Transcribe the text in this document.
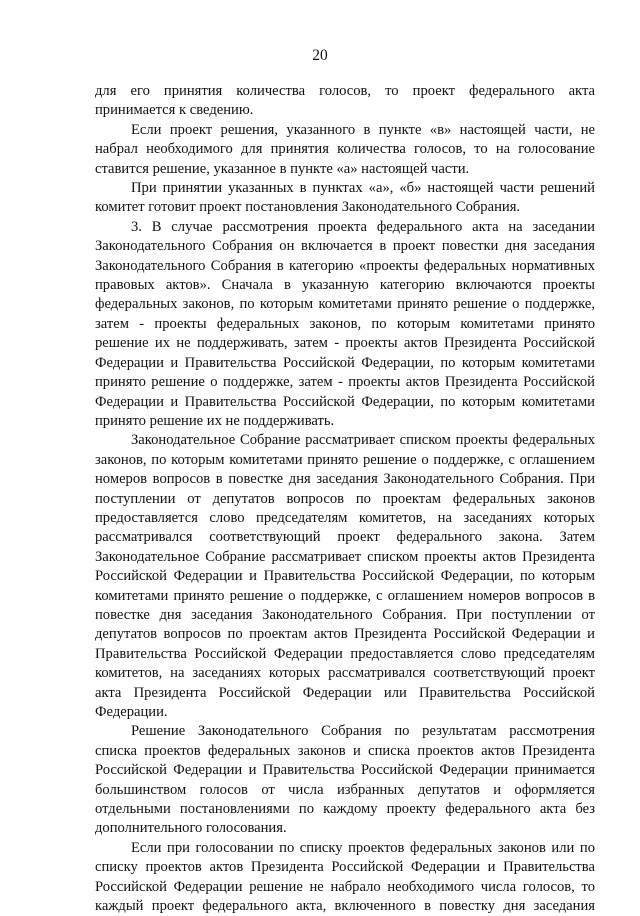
20

для его принятия количества голосов, то проект федерального акта принимается к сведению.

Если проект решения, указанного в пункте «в» настоящей части, не набрал необходимого для принятия количества голосов, то на голосование ставится решение, указанное в пункте «а» настоящей части.

При принятии указанных в пунктах «а», «б» настоящей части решений комитет готовит проект постановления Законодательного Собрания.

3. В случае рассмотрения проекта федерального акта на заседании Законодательного Собрания он включается в проект повестки дня заседания Законодательного Собрания в категорию «проекты федеральных нормативных правовых актов». Сначала в указанную категорию включаются проекты федеральных законов, по которым комитетами принято решение о поддержке, затем - проекты федеральных законов, по которым комитетами принято решение их не поддерживать, затем - проекты актов Президента Российской Федерации и Правительства Российской Федерации, по которым комитетами принято решение о поддержке, затем - проекты актов Президента Российской Федерации и Правительства Российской Федерации, по которым комитетами принято решение их не поддерживать.

Законодательное Собрание рассматривает списком проекты федеральных законов, по которым комитетами принято решение о поддержке, с оглашением номеров вопросов в повестке дня заседания Законодательного Собрания. При поступлении от депутатов вопросов по проектам федеральных законов предоставляется слово председателям комитетов, на заседаниях которых рассматривался соответствующий проект федерального закона. Затем Законодательное Собрание рассматривает списком проекты актов Президента Российской Федерации и Правительства Российской Федерации, по которым комитетами принято решение о поддержке, с оглашением номеров вопросов в повестке дня заседания Законодательного Собрания. При поступлении от депутатов вопросов по проектам актов Президента Российской Федерации и Правительства Российской Федерации предоставляется слово председателям комитетов, на заседаниях которых рассматривался соответствующий проект акта Президента Российской Федерации или Правительства Российской Федерации.

Решение Законодательного Собрания по результатам рассмотрения списка проектов федеральных законов и списка проектов актов Президента Российской Федерации и Правительства Российской Федерации принимается большинством голосов от числа избранных депутатов и оформляется отдельными постановлениями по каждому проекту федерального акта без дополнительного голосования.

Если при голосовании по списку проектов федеральных законов или по списку проектов актов Президента Российской Федерации и Правительства Российской Федерации решение не набрало необходимого числа голосов, то каждый проект федерального акта, включенного в повестку дня заседания
